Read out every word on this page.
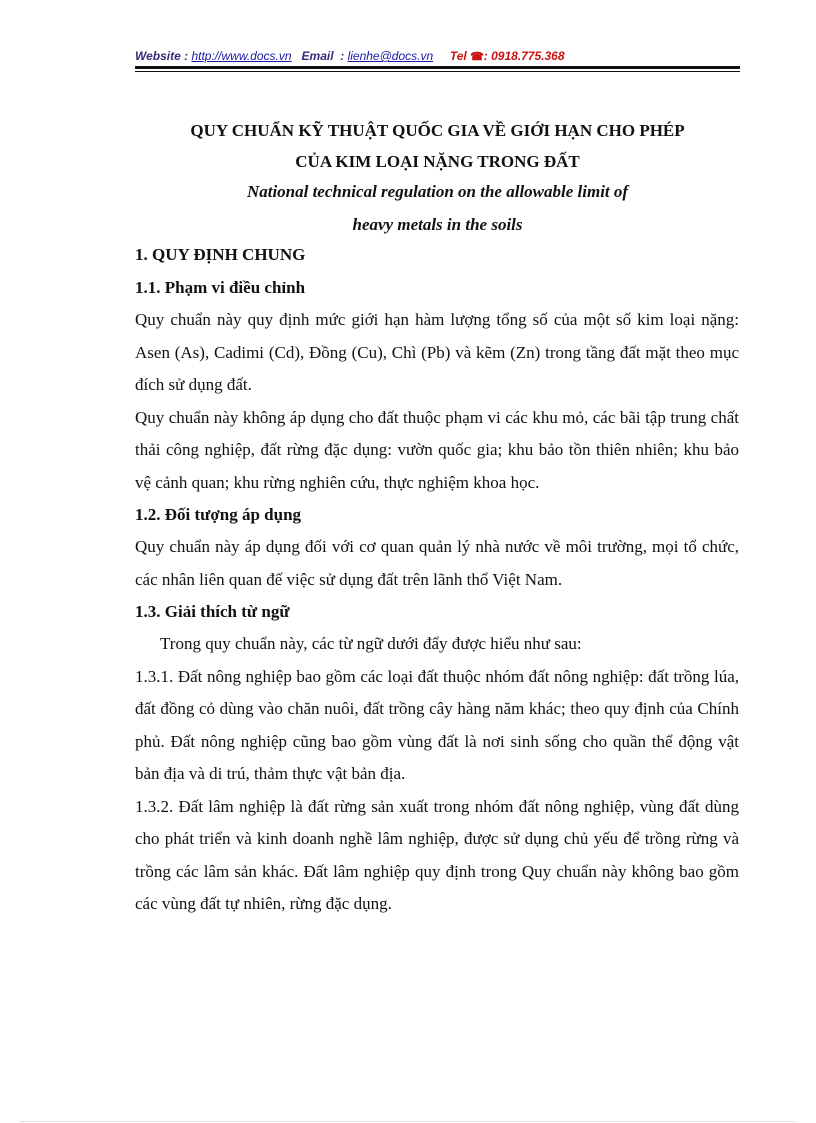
Website : http://www.docs.vn Email : lienhe@docs.vn Tel ☎: 0918.775.368
QUY CHUẨN KỸ THUẬT QUỐC GIA VỀ GIỚI HẠN CHO PHÉP
CỦA KIM LOẠI NẶNG TRONG ĐẤT
National technical regulation on the allowable limit of
heavy metals in the soils
1. QUY ĐỊNH CHUNG
1.1. Phạm vi điều chỉnh

Quy chuẩn này quy định mức giới hạn hàm lượng tổng số của một số kim loại nặng: Asen (As), Cadimi (Cd), Đồng (Cu), Chì (Pb) và kẽm (Zn) trong tầng đất mặt theo mục đích sử dụng đất.

Quy chuẩn này không áp dụng cho đất thuộc phạm vi các khu mỏ, các bãi tập trung chất thải công nghiệp, đất rừng đặc dụng: vườn quốc gia; khu bảo tồn thiên nhiên; khu bảo vệ cảnh quan; khu rừng nghiên cứu, thực nghiệm khoa học.

1.2. Đối tượng áp dụng

Quy chuẩn này áp dụng đối với cơ quan quản lý nhà nước về môi trường, mọi tổ chức, các nhân liên quan đế việc sử dụng đất trên lãnh thổ Việt Nam.

1.3. Giải thích từ ngữ

Trong quy chuẩn này, các từ ngữ dưới đẩy được hiểu như sau:

1.3.1. Đất nông nghiệp bao gồm các loại đất thuộc nhóm đất nông nghiệp: đất trồng lúa, đất đồng cỏ dùng vào chăn nuôi, đất trồng cây hàng năm khác; theo quy định của Chính phủ. Đất nông nghiệp cũng bao gồm vùng đất là nơi sinh sống cho quần thể động vật bản địa và di trú, thảm thực vật bản địa.

1.3.2. Đất lâm nghiệp là đất rừng sản xuất trong nhóm đất nông nghiệp, vùng đất dùng cho phát triển và kinh doanh nghề lâm nghiệp, được sử dụng chủ yếu để trồng rừng và trồng các lâm sản khác. Đất lâm nghiệp quy định trong Quy chuẩn này không bao gồm các vùng đất tự nhiên, rừng đặc dụng.
